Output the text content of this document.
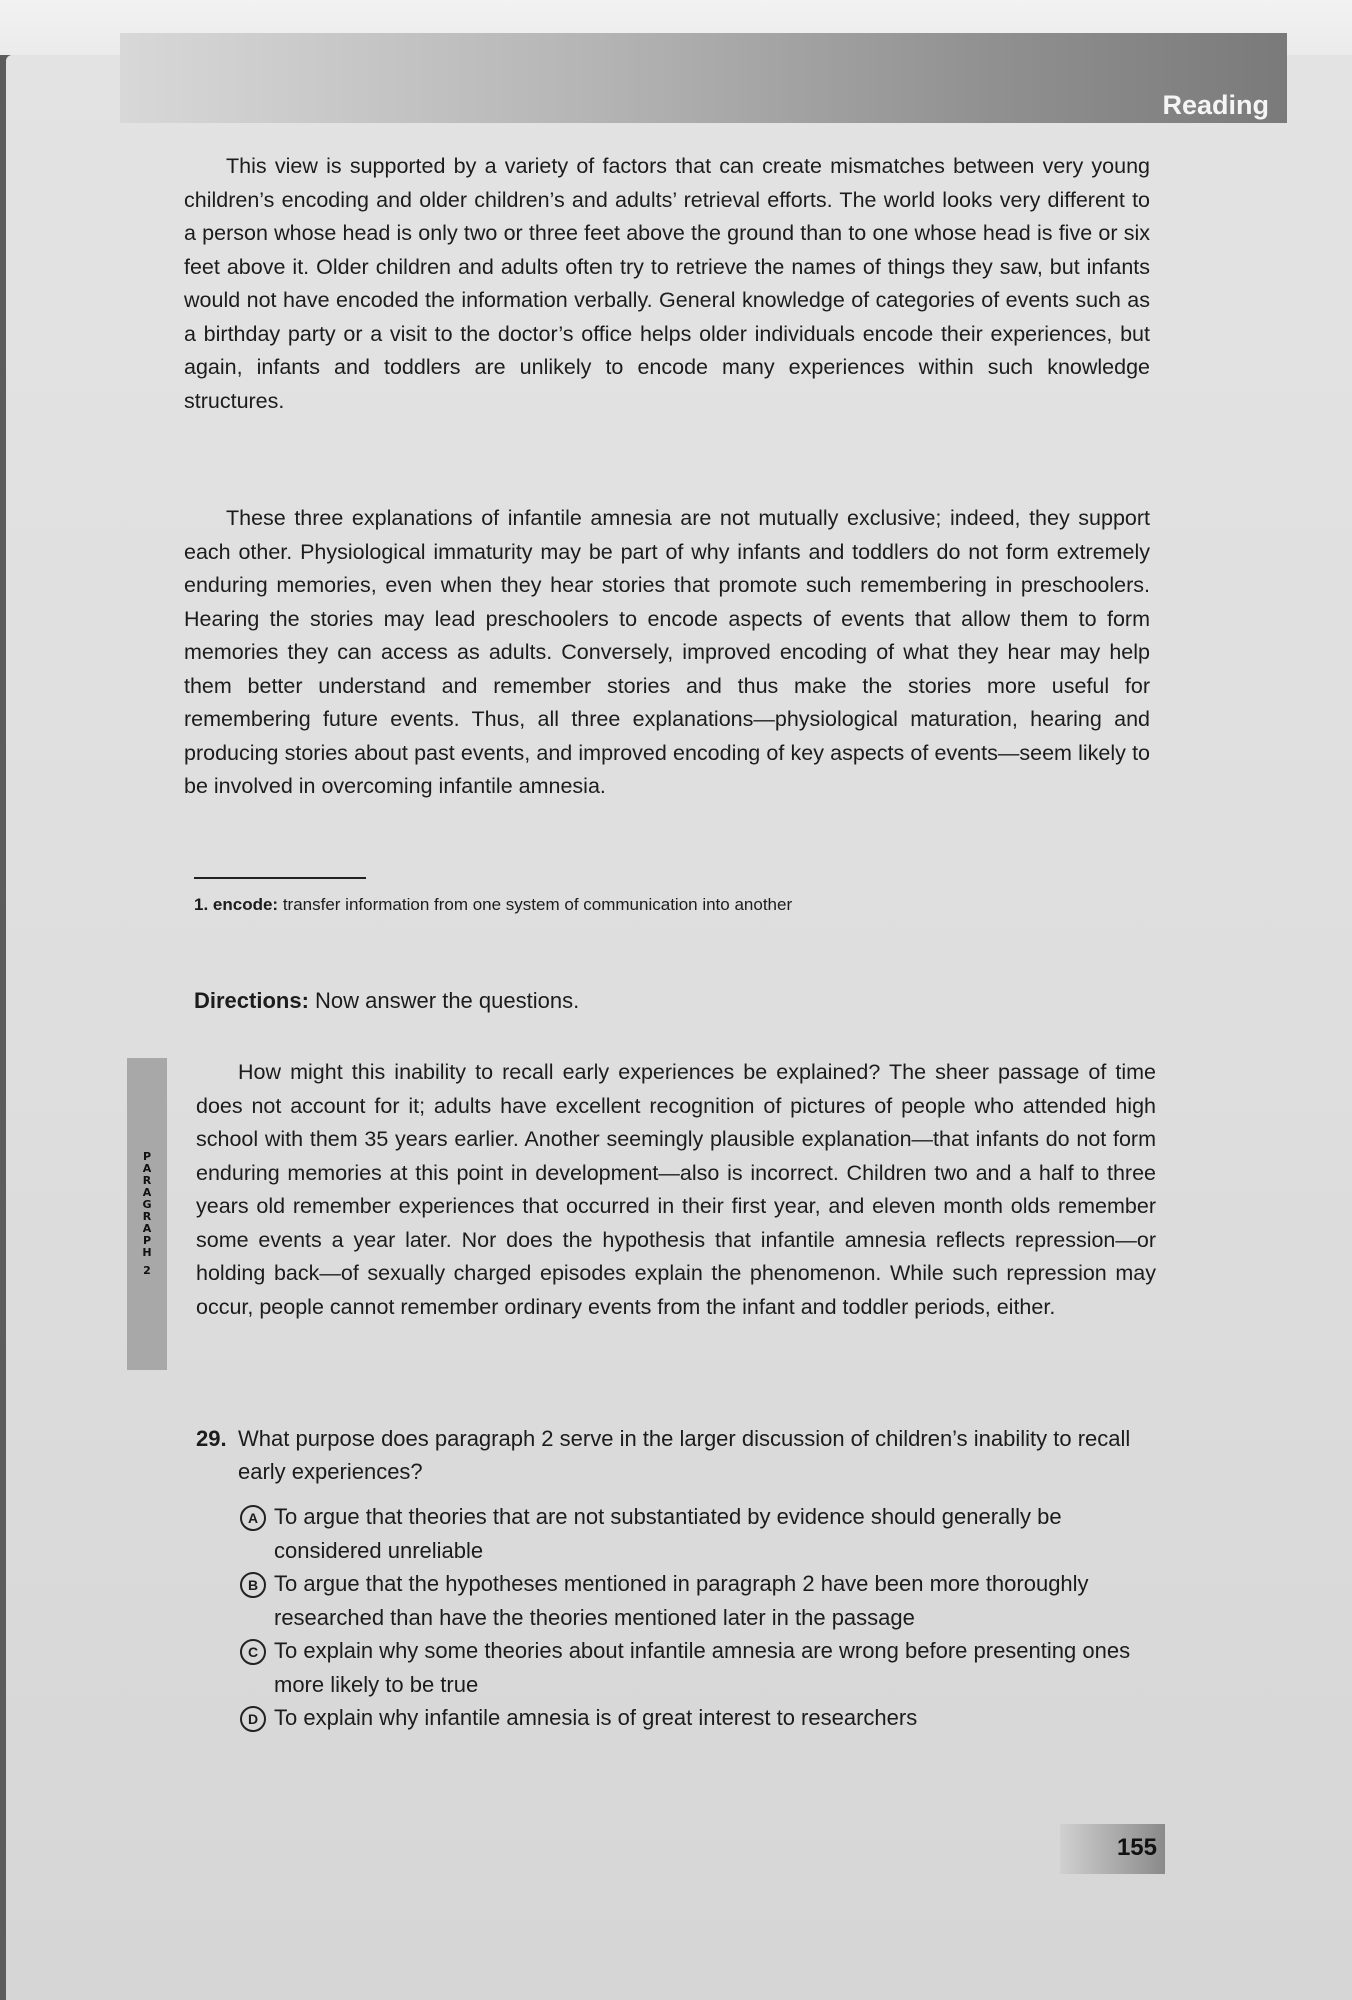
Reading

This view is supported by a variety of factors that can create mismatches between very young children’s encoding and older children’s and adults’ retrieval efforts. The world looks very different to a person whose head is only two or three feet above the ground than to one whose head is five or six feet above it. Older children and adults often try to retrieve the names of things they saw, but infants would not have encoded the information verbally. General knowledge of categories of events such as a birthday party or a visit to the doctor’s office helps older individuals encode their experiences, but again, infants and toddlers are unlikely to encode many experiences within such knowledge structures.

These three explanations of infantile amnesia are not mutually exclusive; indeed, they support each other. Physiological immaturity may be part of why infants and toddlers do not form extremely enduring memories, even when they hear stories that promote such remembering in preschoolers. Hearing the stories may lead preschoolers to encode aspects of events that allow them to form memories they can access as adults. Conversely, improved encoding of what they hear may help them better understand and remember stories and thus make the stories more useful for remembering future events. Thus, all three explanations—physiological maturation, hearing and producing stories about past events, and improved encoding of key aspects of events—seem likely to be involved in overcoming infantile amnesia.

1. encode: transfer information from one system of communication into another
Directions: Now answer the questions.
P
A
R
A
G
R
A
P
H
2

How might this inability to recall early experiences be explained? The sheer passage of time does not account for it; adults have excellent recognition of pictures of people who attended high school with them 35 years earlier. Another seemingly plausible explanation—that infants do not form enduring memories at this point in development—also is incorrect. Children two and a half to three years old remember experiences that occurred in their first year, and eleven month olds remember some events a year later. Nor does the hypothesis that infantile amnesia reflects repression—or holding back—of sexually charged episodes explain the phenomenon. While such repression may occur, people cannot remember ordinary events from the infant and toddler periods, either.

29. What purpose does paragraph 2 serve in the larger discussion of children’s inability to recall early experiences?
A To argue that theories that are not substantiated by evidence should generally be considered unreliable
B To argue that the hypotheses mentioned in paragraph 2 have been more thoroughly researched than have the theories mentioned later in the passage
C To explain why some theories about infantile amnesia are wrong before presenting ones more likely to be true
D To explain why infantile amnesia is of great interest to researchers
155
